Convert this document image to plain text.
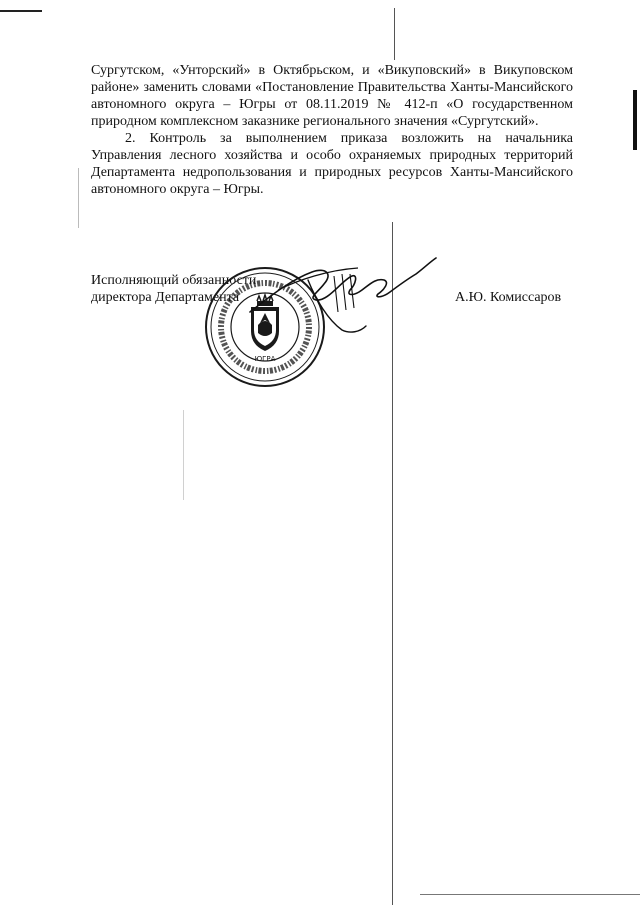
Сургутском, «Унторский» в Октябрьском, и «Викуповский» в Викуповском районе» заменить словами «Постановление Правительства Ханты-Мансийского автономного округа – Югры от 08.11.2019 № 412-п «О государственном природном комплексном заказнике регионального значения «Сургутский».

2. Контроль за выполнением приказа возложить на начальника Управления лесного хозяйства и особо охраняемых природных территорий Департамента недропользования и природных ресурсов Ханты-Мансийского автономного округа – Югры.

Исполняющий обязанности
директора Департамента	А.Ю. Комиссаров
ЮГРА
